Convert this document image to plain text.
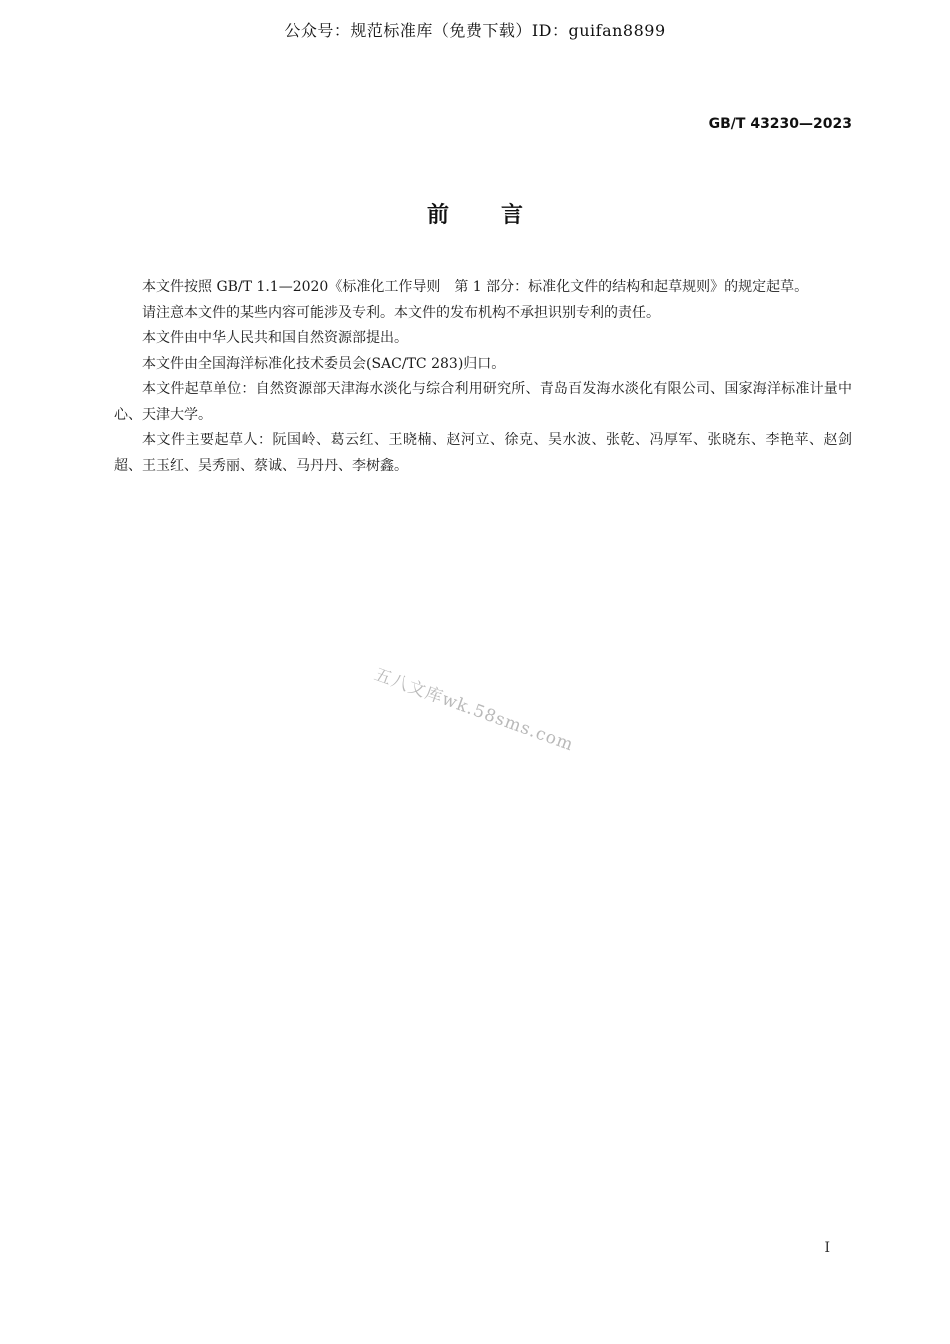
公众号：规范标准库（免费下载）ID：guifan8899
GB/T 43230—2023
前言

本文件按照 GB/T 1.1—2020《标准化工作导则　第 1 部分：标准化文件的结构和起草规则》的规定起草。

请注意本文件的某些内容可能涉及专利。本文件的发布机构不承担识别专利的责任。

本文件由中华人民共和国自然资源部提出。

本文件由全国海洋标准化技术委员会(SAC/TC 283)归口。

本文件起草单位：自然资源部天津海水淡化与综合利用研究所、青岛百发海水淡化有限公司、国家海洋标准计量中心、天津大学。

本文件主要起草人：阮国岭、葛云红、王晓楠、赵河立、徐克、吴水波、张乾、冯厚军、张晓东、李艳苹、赵剑超、王玉红、吴秀丽、蔡诚、马丹丹、李树鑫。

五八文库wk.58sms.com
I
